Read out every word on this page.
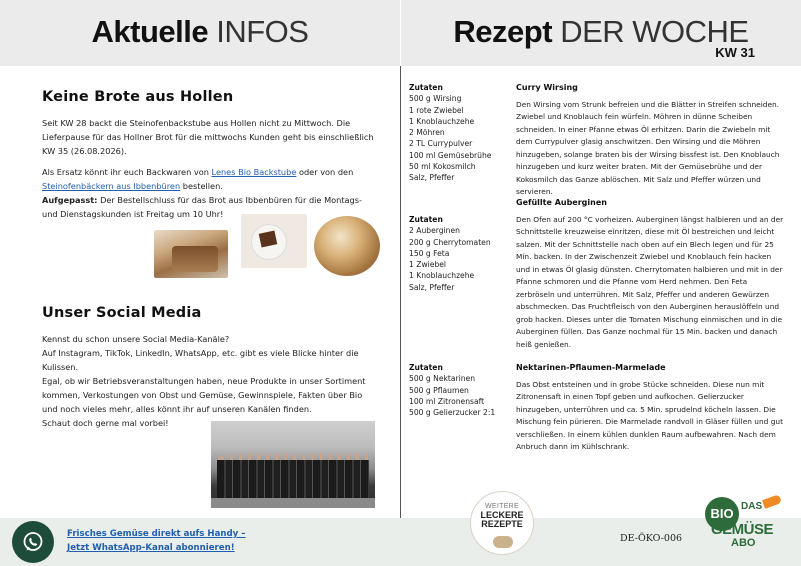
Aktuelle INFOS	Rezept DER WOCHE
KW 31
Keine Brote aus Hollen

Seit KW 28 backt die Steinofenbackstube aus Hollen nicht zu Mittwoch. Die Lieferpause für das Hollner Brot für die mittwochs Kunden geht bis einschließlich KW 35 (26.08.2026).

Als Ersatz könnt ihr euch Backwaren von Lenes Bio Backstube oder von den Steinofenbäckern aus Ibbenbüren bestellen.

Aufgepasst: Der Bestellschluss für das Brot aus Ibbenbüren für die Montags- und Dienstagskunden ist Freitag um 10 Uhr!

Unser Social Media
Kennst du schon unsere Social Media-Kanäle?
Auf Instagram, TikTok, LinkedIn, WhatsApp, etc. gibt es viele Blicke hinter die Kulissen.
Egal, ob wir Betriebsveranstaltungen haben, neue Produkte in unser Sortiment kommen, Verkostungen von Obst und Gemüse, Gewinnspiele, Fakten über Bio und noch vieles mehr, alles könnt ihr auf unseren Kanälen finden.
Schaut doch gerne mal vorbei!
Zutaten
500 g Wirsing
1 rote Zwiebel
1 Knoblauchzehe
2 Möhren
2 TL Currypulver
100 ml Gemüsebrühe
50 ml Kokosmilch
Salz, Pfeffer
Curry Wirsing
Den Wirsing vom Strunk befreien und die Blätter in Streifen schneiden. Zwiebel und Knoblauch fein würfeln. Möhren in dünne Scheiben schneiden. In einer Pfanne etwas Öl erhitzen. Darin die Zwiebeln mit dem Currypulver glasig anschwitzen. Den Wirsing und die Möhren hinzugeben, solange braten bis der Wirsing bissfest ist. Den Knoblauch hinzugeben und kurz weiter braten. Mit der Gemüsebrühe und der Kokosmilch das Ganze ablöschen. Mit Salz und Pfeffer würzen und servieren.
Zutaten
2 Auberginen
200 g Cherrytomaten
150 g Feta
1 Zwiebel
1 Knoblauchzehe
Salz, Pfeffer
Gefüllte Auberginen
Den Ofen auf 200 °C vorheizen. Auberginen längst halbieren und an der Schnittstelle kreuzweise einritzen, diese mit Öl bestreichen und leicht salzen. Mit der Schnittstelle nach oben auf ein Blech legen und für 25 Min. backen. In der Zwischenzeit Zwiebel und Knoblauch fein hacken und in etwas Öl glasig dünsten. Cherrytomaten halbieren und mit in der Pfanne schmoren und die Pfanne vom Herd nehmen. Den Feta zerbröseln und unterrühren. Mit Salz, Pfeffer und anderen Gewürzen abschmecken. Das Fruchtfleisch von den Auberginen herauslöffeln und grob hacken. Dieses unter die Tomaten Mischung einmischen und in die Auberginen füllen. Das Ganze nochmal für 15 Min. backen und danach heiß genießen.
Zutaten
500 g Nektarinen
500 g Pflaumen
100 ml Zitronensaft
500 g Gelierzucker 2:1
Nektarinen-Pflaumen-Marmelade
Das Obst entsteinen und in grobe Stücke schneiden. Diese nun mit Zitronensaft in einen Topf geben und aufkochen. Gelierzucker hinzugeben, unterrühren und ca. 5 Min. sprudelnd köcheln lassen. Die Mischung fein pürieren. Die Marmelade randvoll in Gläser füllen und gut verschließen. In einem kühlen dunklen Raum aufbewahren. Nach dem Anbruch dann im Kühlschrank.
Frisches Gemüse direkt aufs Handy –
Jetzt WhatsApp-Kanal abonnieren!
WEITERE
LECKERE
REZEPTE
DE-ÖKO-006
BIO DAS
GEMÜSE
ABO
